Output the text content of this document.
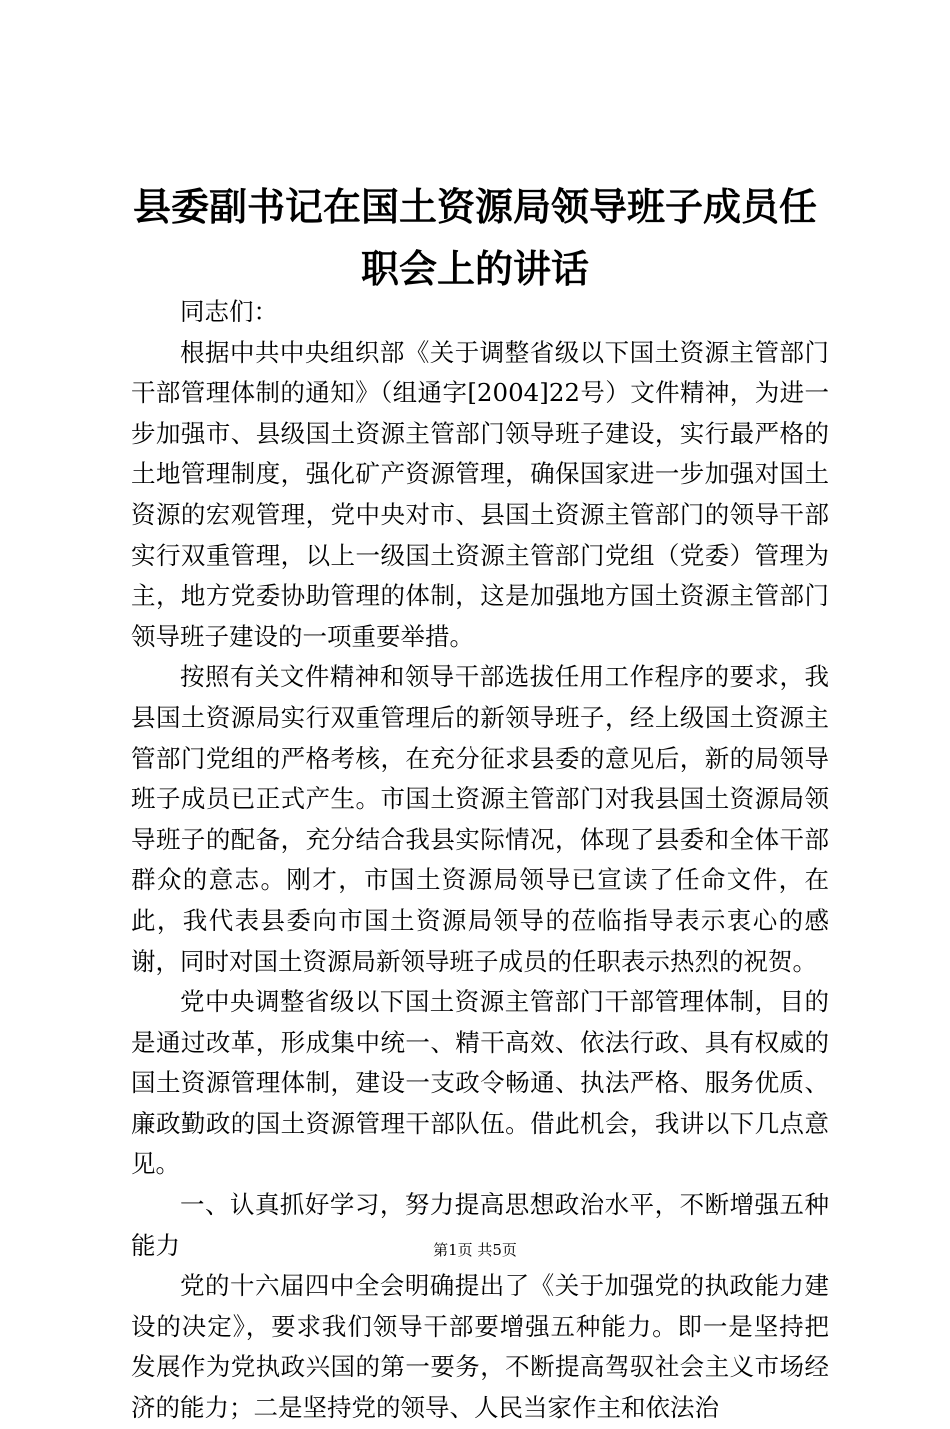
县委副书记在国土资源局领导班子成员任职会上的讲话

同志们：

根据中共中央组织部《关于调整省级以下国土资源主管部门干部管理体制的通知》（组通字[2004]22号）文件精神，为进一步加强市、县级国土资源主管部门领导班子建设，实行最严格的土地管理制度，强化矿产资源管理，确保国家进一步加强对国土资源的宏观管理，党中央对市、县国土资源主管部门的领导干部实行双重管理，以上一级国土资源主管部门党组（党委）管理为主，地方党委协助管理的体制，这是加强地方国土资源主管部门领导班子建设的一项重要举措。

按照有关文件精神和领导干部选拔任用工作程序的要求，我县国土资源局实行双重管理后的新领导班子，经上级国土资源主管部门党组的严格考核，在充分征求县委的意见后，新的局领导班子成员已正式产生。市国土资源主管部门对我县国土资源局领导班子的配备，充分结合我县实际情况，体现了县委和全体干部群众的意志。刚才，市国土资源局领导已宣读了任命文件，在此，我代表县委向市国土资源局领导的莅临指导表示衷心的感谢，同时对国土资源局新领导班子成员的任职表示热烈的祝贺。

党中央调整省级以下国土资源主管部门干部管理体制，目的是通过改革，形成集中统一、精干高效、依法行政、具有权威的国土资源管理体制，建设一支政令畅通、执法严格、服务优质、廉政勤政的国土资源管理干部队伍。借此机会，我讲以下几点意见。

一、认真抓好学习，努力提高思想政治水平，不断增强五种能力

党的十六届四中全会明确提出了《关于加强党的执政能力建设的决定》，要求我们领导干部要增强五种能力。即一是坚持把发展作为党执政兴国的第一要务，不断提高驾驭社会主义市场经济的能力；二是坚持党的领导、人民当家作主和依法治

第1页 共5页
